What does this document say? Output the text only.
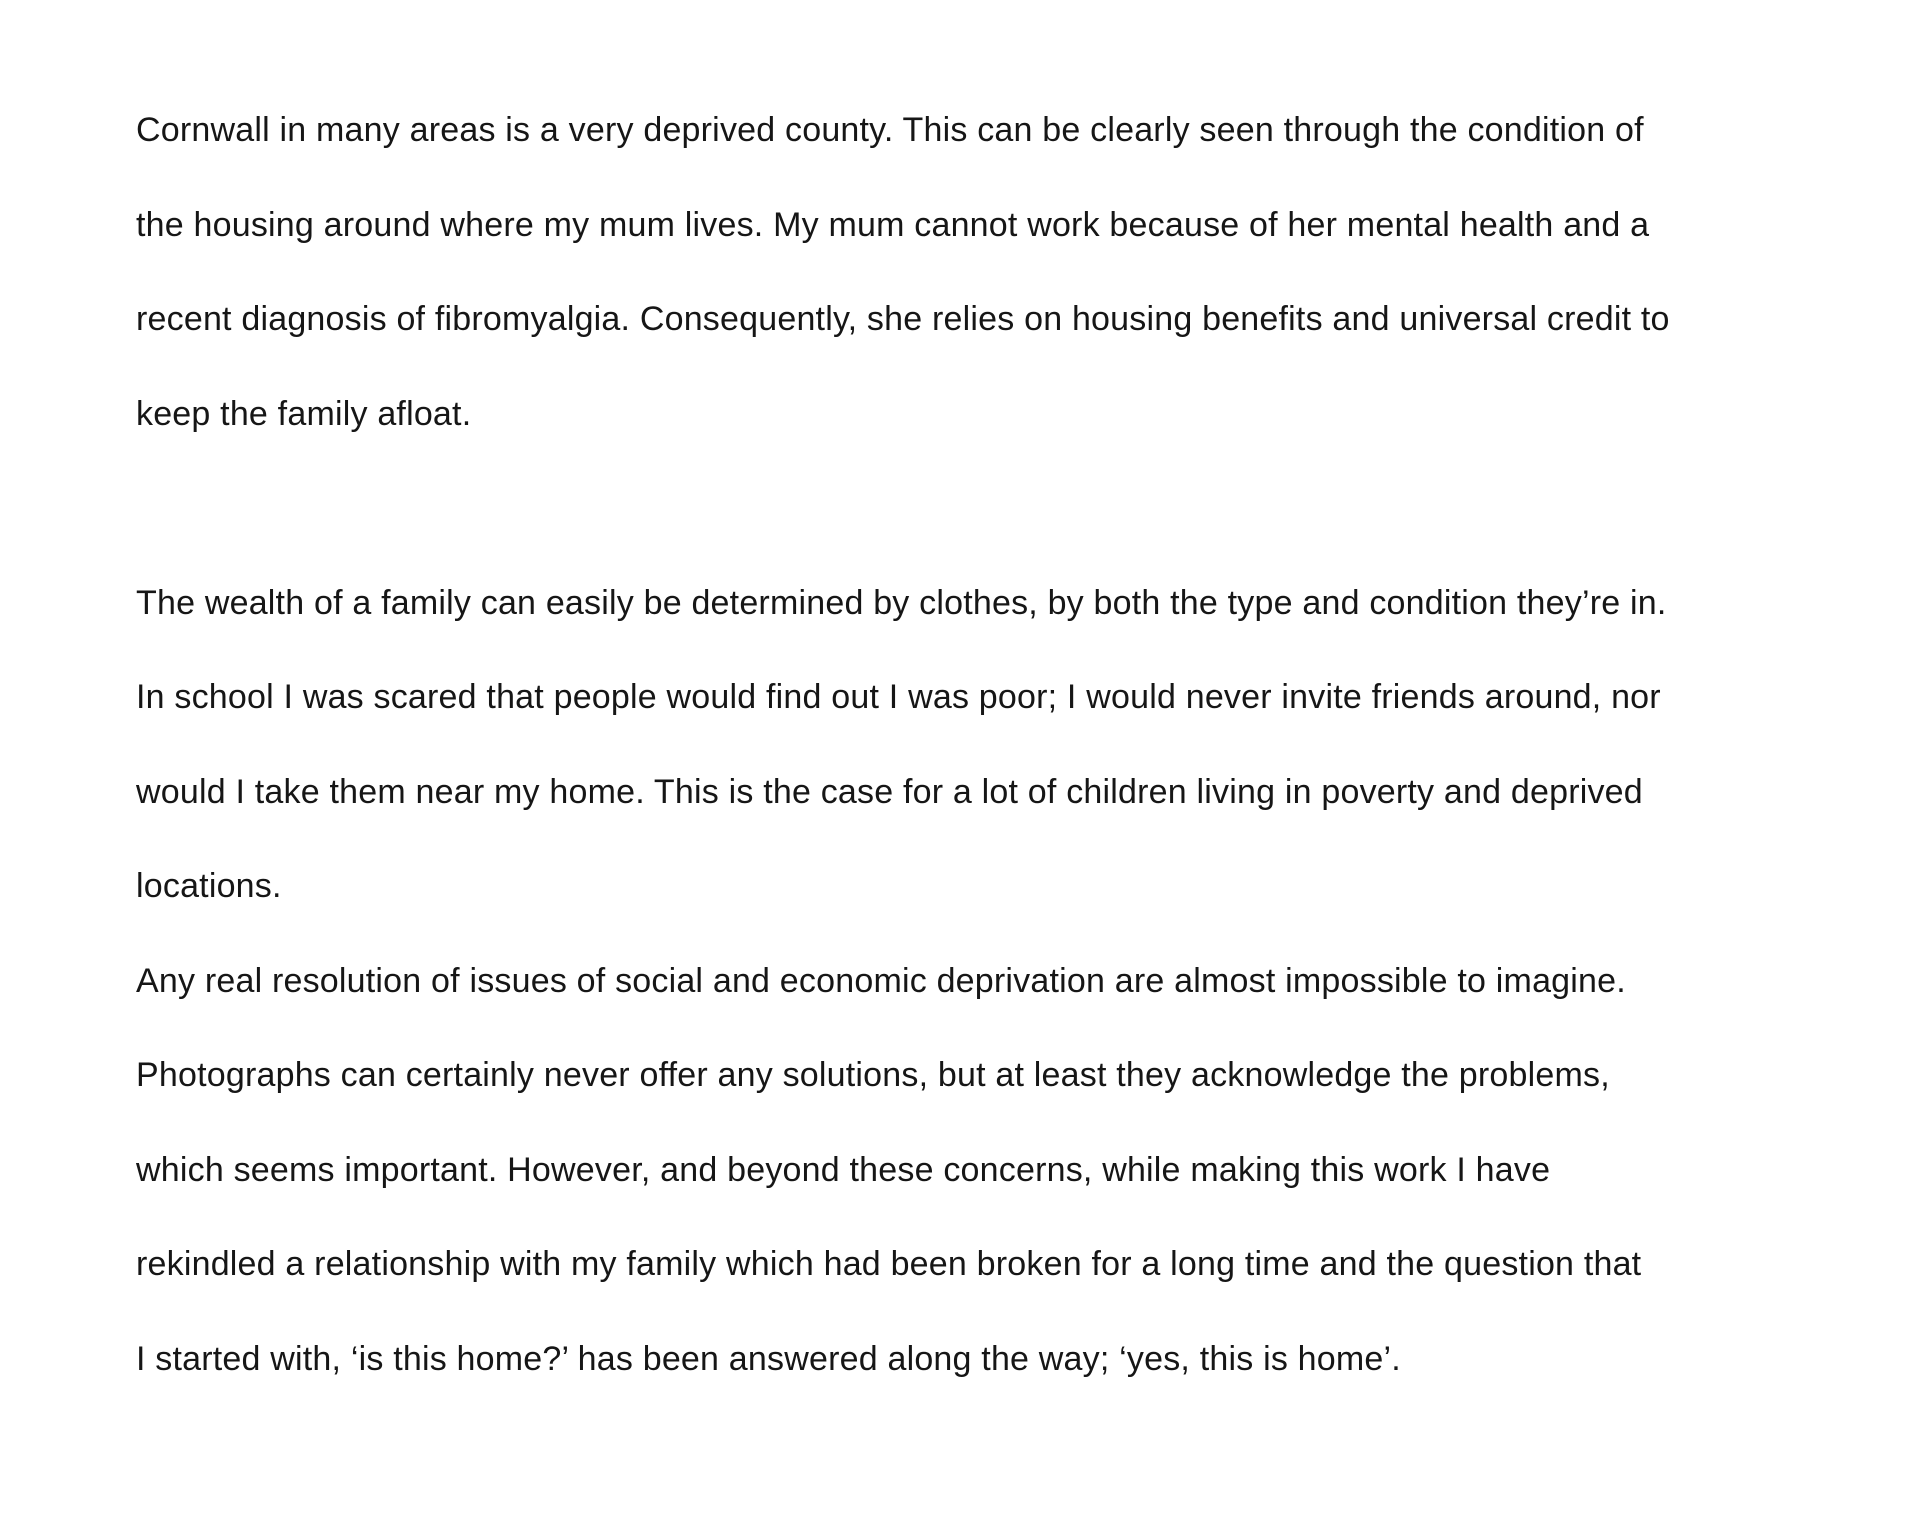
Cornwall in many areas is a very deprived county. This can be clearly seen through the condition of
the housing around where my mum lives. My mum cannot work because of her mental health and a
recent diagnosis of fibromyalgia. Consequently, she relies on housing benefits and universal credit to
keep the family afloat.
The wealth of a family can easily be determined by clothes, by both the type and condition they’re in.
In school I was scared that people would find out I was poor; I would never invite friends around, nor
would I take them near my home. This is the case for a lot of children living in poverty and deprived
locations.
Any real resolution of issues of social and economic deprivation are almost impossible to imagine.
Photographs can certainly never offer any solutions, but at least they acknowledge the problems,
which seems important. However, and beyond these concerns, while making this work I have
rekindled a relationship with my family which had been broken for a long time and the question that
I started with, ‘is this home?’ has been answered along the way; ‘yes, this is home’.
